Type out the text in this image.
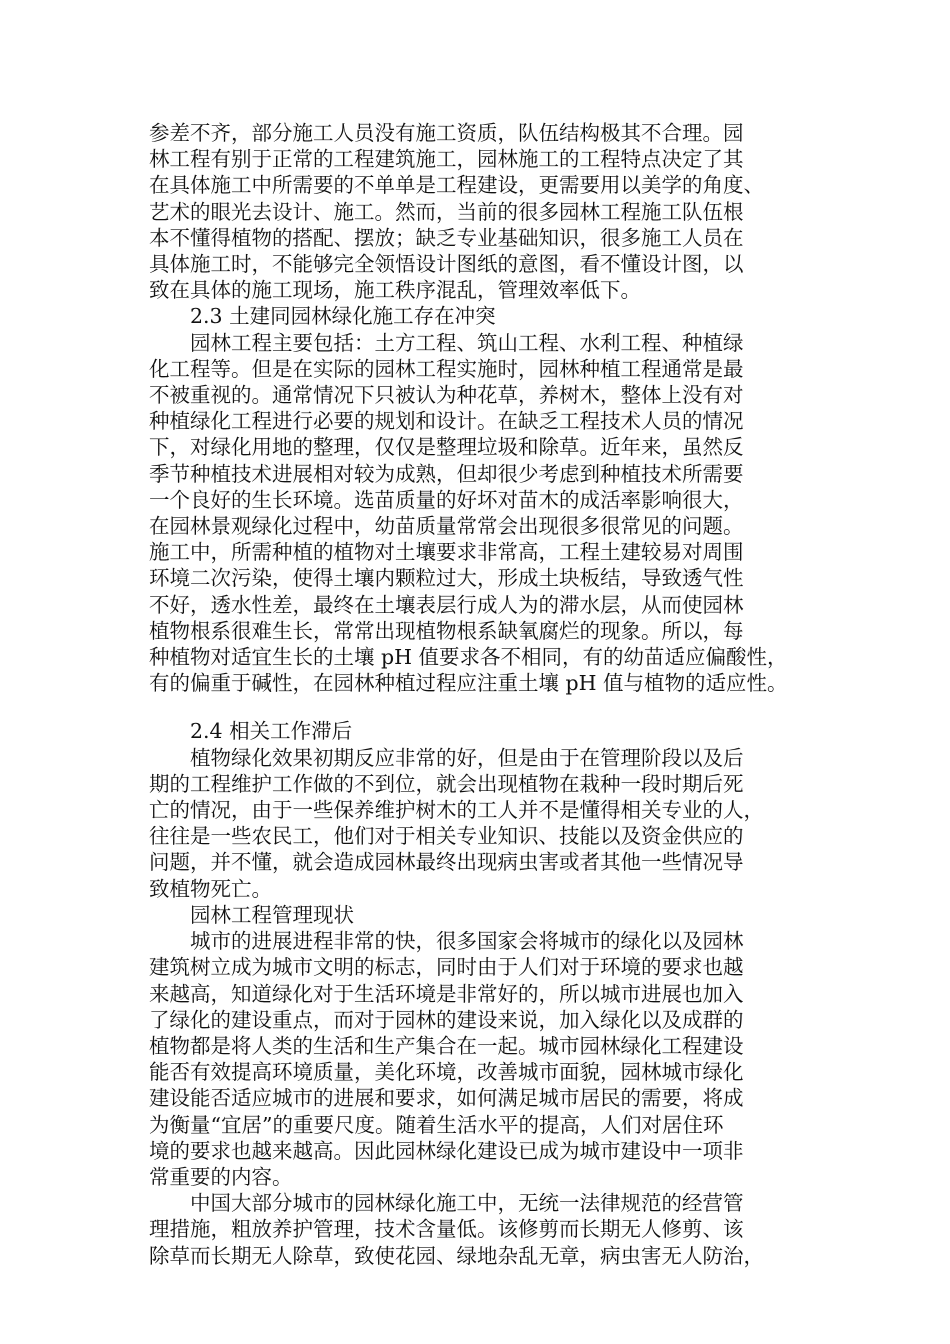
参差不齐，部分施工人员没有施工资质，队伍结构极其不合理。园
林工程有别于正常的工程建筑施工，园林施工的工程特点决定了其
在具体施工中所需要的不单单是工程建设，更需要用以美学的角度、
艺术的眼光去设计、施工。然而，当前的很多园林工程施工队伍根
本不懂得植物的搭配、摆放；缺乏专业基础知识，很多施工人员在
具体施工时，不能够完全领悟设计图纸的意图，看不懂设计图，以
致在具体的施工现场，施工秩序混乱，管理效率低下。
2.3 土建同园林绿化施工存在冲突
园林工程主要包括：土方工程、筑山工程、水利工程、种植绿
化工程等。但是在实际的园林工程实施时，园林种植工程通常是最
不被重视的。通常情况下只被认为种花草，养树木，整体上没有对
种植绿化工程进行必要的规划和设计。在缺乏工程技术人员的情况
下，对绿化用地的整理，仅仅是整理垃圾和除草。近年来，虽然反
季节种植技术进展相对较为成熟，但却很少考虑到种植技术所需要
一个良好的生长环境。选苗质量的好坏对苗木的成活率影响很大，
在园林景观绿化过程中，幼苗质量常常会出现很多很常见的问题。
施工中，所需种植的植物对土壤要求非常高，工程土建较易对周围
环境二次污染，使得土壤内颗粒过大，形成土块板结，导致透气性
不好，透水性差，最终在土壤表层行成人为的滞水层，从而使园林
植物根系很难生长，常常出现植物根系缺氧腐烂的现象。所以，每
种植物对适宜生长的土壤 pH 值要求各不相同，有的幼苗适应偏酸性，
有的偏重于碱性，在园林种植过程应注重土壤 pH 值与植物的适应性。
2.4 相关工作滞后
植物绿化效果初期反应非常的好，但是由于在管理阶段以及后
期的工程维护工作做的不到位，就会出现植物在栽种一段时期后死
亡的情况，由于一些保养维护树木的工人并不是懂得相关专业的人，
往往是一些农民工，他们对于相关专业知识、技能以及资金供应的
问题，并不懂，就会造成园林最终出现病虫害或者其他一些情况导
致植物死亡。
园林工程管理现状
城市的进展进程非常的快，很多国家会将城市的绿化以及园林
建筑树立成为城市文明的标志，同时由于人们对于环境的要求也越
来越高，知道绿化对于生活环境是非常好的，所以城市进展也加入
了绿化的建设重点，而对于园林的建设来说，加入绿化以及成群的
植物都是将人类的生活和生产集合在一起。城市园林绿化工程建设
能否有效提高环境质量，美化环境，改善城市面貌，园林城市绿化
建设能否适应城市的进展和要求，如何满足城市居民的需要，将成
为衡量“宜居”的重要尺度。随着生活水平的提高，人们对居住环
境的要求也越来越高。因此园林绿化建设已成为城市建设中一项非
常重要的内容。
中国大部分城市的园林绿化施工中，无统一法律规范的经营管
理措施，粗放养护管理，技术含量低。该修剪而长期无人修剪、该
除草而长期无人除草，致使花园、绿地杂乱无章，病虫害无人防治，
